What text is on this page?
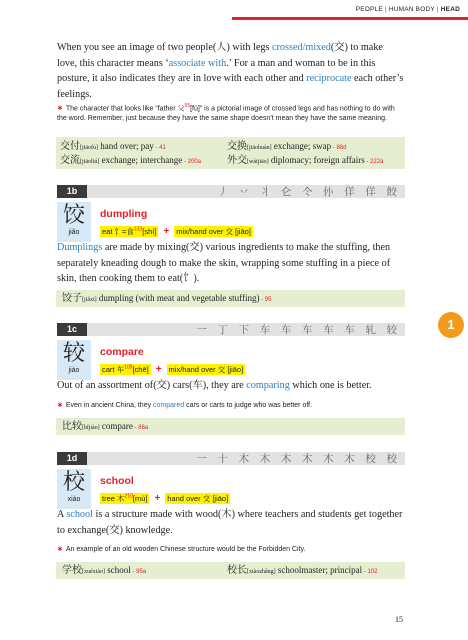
PEOPLE | HUMAN BODY | HEAD
When you see an image of two people(人) with legs crossed/mixed(交) to make love, this character means ‘associate with.’ For a man and woman to be in this posture, it also indicates they are in love with each other and reciprocate each other’s feelings.
∗ The character that looks like “father 父$^{55}$[fù]” is a pictorial image of crossed legs and has nothing to do with the word. Remember, just because they have the same shape doesn’t mean they have the same meaning.
交付[jiāofù] hand over; pay - 41	交换[jiāohuàn] exchange; swap - 88d
交流[jiāoliú] exchange; interchange - 200a	外交[wàijiāo] diplomacy; foreign affairs - 222a
1b	丿 丷 丬 仑 仒 仦 佯 佯 餃
饺
jiǎo
dumpling
eat 饣=食$^{132}$[shí] + mix/hand over 交 [jiāo]
Dumplings are made by mixing(交) various ingredients to make the stuffing, then separately kneading dough to make the skin, wrapping some stuffing in a piece of skin, then cooking them to eat(饣).
饺子[jiǎxi] dumpling (with meat and vegetable stuffing) - 95
1c	一 丁 下 车 车 车 车 车 轧 较
较
jiào
compare
cart 车$^{108}$[chē] + mix/hand over 交 [jiāo]
Out of an assortment of(交) cars(车), they are comparing which one is better.
∗ Even in ancient China, they compared cars or carts to judge who was better off.
比较[bǐjiào] compare - 86a
1d	一 十 木 木 木 木 木 木 校 校
校
xiào
school
tree 木$^{210}$[mù] + hand over 交 [jiāo]
A school is a structure made with wood(木) where teachers and students get together to exchange(交) knowledge.
∗ An example of an old wooden Chinese structure would be the Forbidden City.
学校[xuéxiào] school - 95a	校长[xiàozhǎng] schoolmaster; principal - 102
1
15
